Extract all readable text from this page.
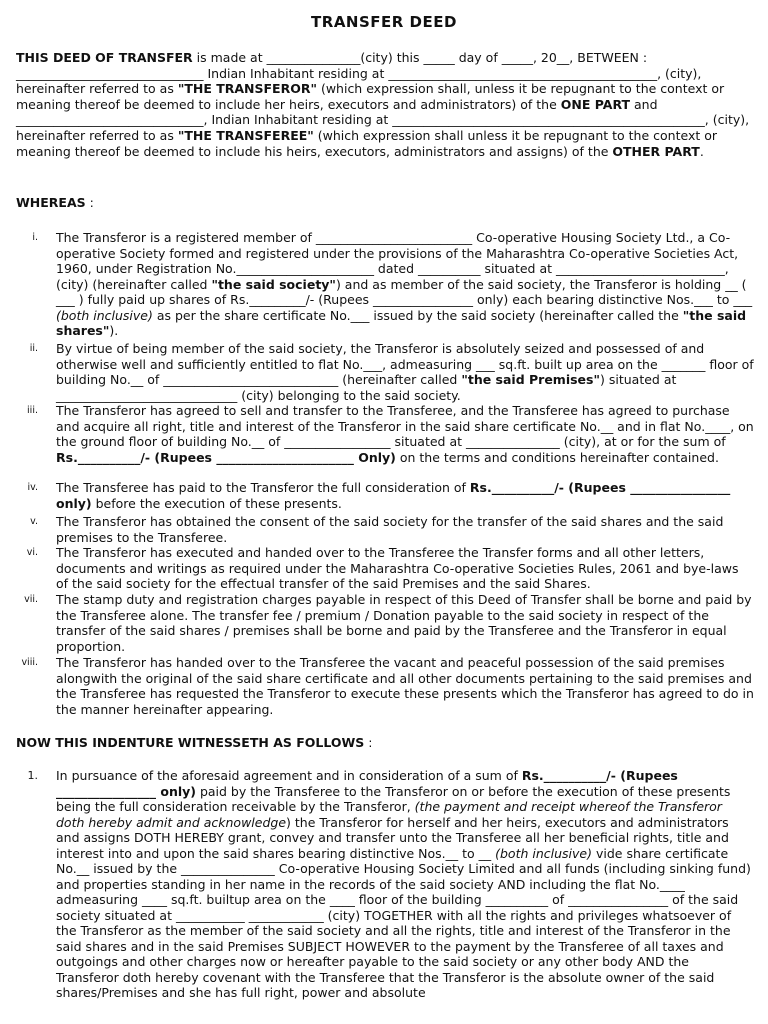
TRANSFER DEED
THIS DEED OF TRANSFER is made at _______________(city) this _____ day of _____, 20__, BETWEEN : ______________________________ Indian Inhabitant residing at ___________________________________________, (city), hereinafter referred to as "THE TRANSFEROR" (which expression shall, unless it be repugnant to the context or meaning thereof be deemed to include her heirs, executors and administrators) of the ONE PART and ______________________________, Indian Inhabitant residing at __________________________________________________, (city), hereinafter referred to as "THE TRANSFEREE" (which expression shall unless it be repugnant to the context or meaning thereof be deemed to include his heirs, executors, administrators and assigns) of the OTHER PART.
WHEREAS :
i. The Transferor is a registered member of _________________________ Co-operative Housing Society Ltd., a Co-operative Society formed and registered under the provisions of the Maharashtra Co-operative Societies Act, 1960, under Registration No.______________________ dated __________ situated at ___________________________, (city) (hereinafter called "the said society") and as member of the said society, the Transferor is holding __ ( ___ ) fully paid up shares of Rs._________/- (Rupees ________________ only) each bearing distinctive Nos.___ to ___ (both inclusive) as per the share certificate No.___ issued by the said society (hereinafter called the "the said shares").
ii. By virtue of being member of the said society, the Transferor is absolutely seized and possessed of and otherwise well and sufficiently entitled to flat No.___, admeasuring ___ sq.ft. built up area on the _______ floor of building No.__ of ____________________________ (hereinafter called "the said Premises") situated at _____________________________ (city) belonging to the said society.
iii. The Transferor has agreed to sell and transfer to the Transferee, and the Transferee has agreed to purchase and acquire all right, title and interest of the Transferor in the said share certificate No.__ and in flat No.____, on the ground floor of building No.__ of _________________ situated at _______________ (city), at or for the sum of Rs.__________/- (Rupees ______________________ Only) on the terms and conditions hereinafter contained.
iv. The Transferee has paid to the Transferor the full consideration of Rs.__________/- (Rupees ________________ only) before the execution of these presents.
v. The Transferor has obtained the consent of the said society for the transfer of the said shares and the said premises to the Transferee.
vi. The Transferor has executed and handed over to the Transferee the Transfer forms and all other letters, documents and writings as required under the Maharashtra Co-operative Societies Rules, 2061 and bye-laws of the said society for the effectual transfer of the said Premises and the said Shares.
vii. The stamp duty and registration charges payable in respect of this Deed of Transfer shall be borne and paid by the Transferee alone. The transfer fee / premium / Donation payable to the said society in respect of the transfer of the said shares / premises shall be borne and paid by the Transferee and the Transferor in equal proportion.
viii. The Transferor has handed over to the Transferee the vacant and peaceful possession of the said premises alongwith the original of the said share certificate and all other documents pertaining to the said premises and the Transferee has requested the Transferor to execute these presents which the Transferor has agreed to do in the manner hereinafter appearing.
NOW THIS INDENTURE WITNESSETH AS FOLLOWS :
1. In pursuance of the aforesaid agreement and in consideration of a sum of Rs.__________/- (Rupees ________________ only) paid by the Transferee to the Transferor on or before the execution of these presents being the full consideration receivable by the Transferor, (the payment and receipt whereof the Transferor doth hereby admit and acknowledge) the Transferor for herself and her heirs, executors and administrators and assigns DOTH HEREBY grant, convey and transfer unto the Transferee all her beneficial rights, title and interest into and upon the said shares bearing distinctive Nos.__ to __ (both inclusive) vide share certificate No.__ issued by the _______________ Co-operative Housing Society Limited and all funds (including sinking fund) and properties standing in her name in the records of the said society AND including the flat No.____ admeasuring ____ sq.ft. builtup area on the ____ floor of the building __________ of ________________ of the said society situated at ___________ ____________ (city) TOGETHER with all the rights and privileges whatsoever of the Transferor as the member of the said society and all the rights, title and interest of the Transferor in the said shares and in the said Premises SUBJECT HOWEVER to the payment by the Transferee of all taxes and outgoings and other charges now or hereafter payable to the said society or any other body AND the Transferor doth hereby covenant with the Transferee that the Transferor is the absolute owner of the said shares/Premises and she has full right, power and absolute
